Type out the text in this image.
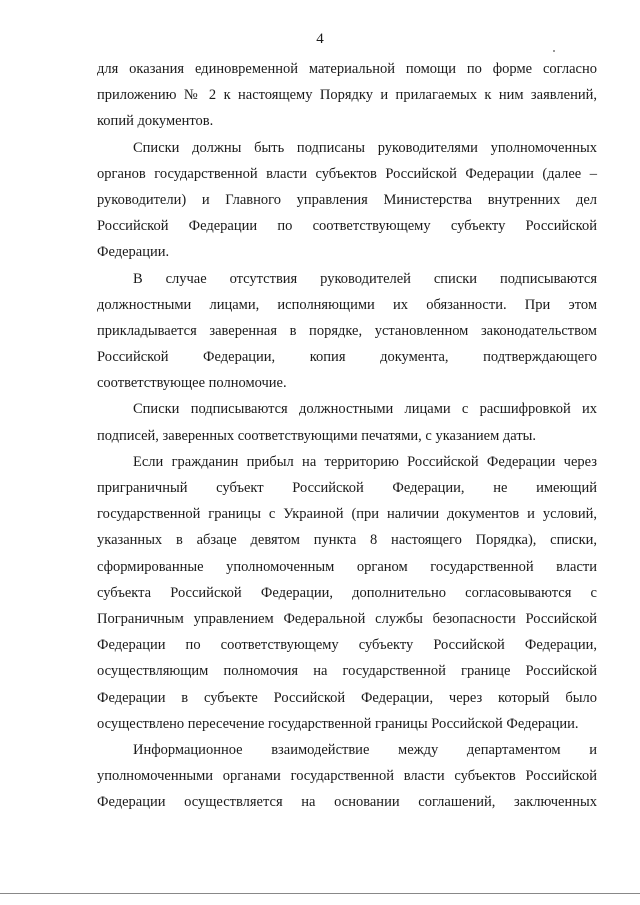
4
для оказания единовременной материальной помощи по форме согласно
приложению № 2 к настоящему Порядку и прилагаемых к ним заявлений,
копий документов.
Списки должны быть подписаны руководителями уполномоченных
органов государственной власти субъектов Российской Федерации (далее –
руководители) и Главного управления Министерства внутренних дел
Российской Федерации по соответствующему субъекту Российской
Федерации.
В случае отсутствия руководителей списки подписываются
должностными лицами, исполняющими их обязанности. При этом
прикладывается заверенная в порядке, установленном законодательством
Российской Федерации, копия документа, подтверждающего
соответствующее полномочие.
Списки подписываются должностными лицами с расшифровкой их
подписей, заверенных соответствующими печатями, с указанием даты.
Если гражданин прибыл на территорию Российской Федерации через
приграничный субъект Российской Федерации, не имеющий
государственной границы с Украиной (при наличии документов и условий,
указанных в абзаце девятом пункта 8 настоящего Порядка), списки,
сформированные уполномоченным органом государственной власти
субъекта Российской Федерации, дополнительно согласовываются с
Пограничным управлением Федеральной службы безопасности Российской
Федерации по соответствующему субъекту Российской Федерации,
осуществляющим полномочия на государственной границе Российской
Федерации в субъекте Российской Федерации, через который было
осуществлено пересечение государственной границы Российской Федерации.
Информационное взаимодействие между департаментом и
уполномоченными органами государственной власти субъектов Российской
Федерации осуществляется на основании соглашений, заключенных
